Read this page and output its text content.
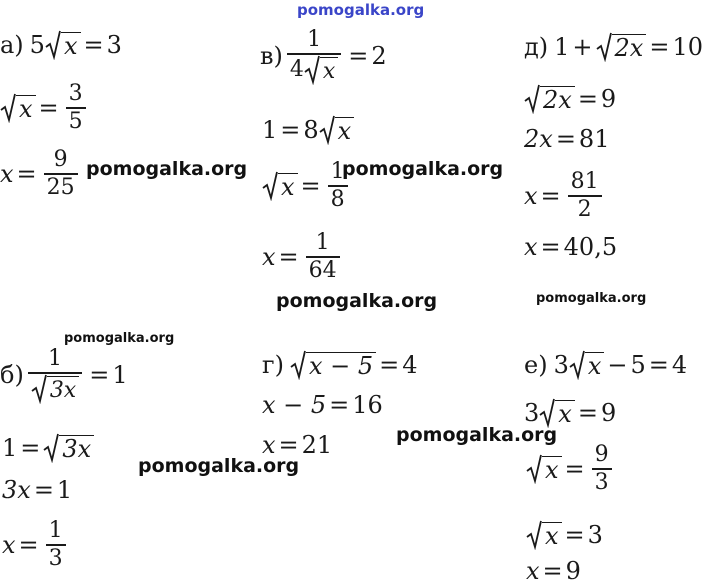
pomogalka.org
а) 5 x = 3
$x = \frac{3}{5}$
$x = \frac{9}{25}$ pomogalka.org
$в) \frac{1}{4 x} = 2$
1 = 8 x
$x = \frac{1}{8}$
pomogalka.org
$x = \frac{1}{64}$
pomogalka.org
д) 1 + 2x = 10
2x = 9
2x = 81
$x = \frac{81}{2}$
x = 40,5
pomogalka.org
pomogalka.org
$б) \frac{1}{3x} = 1$
1 = 3x
pomogalka.org
3x = 1
$x = \frac{1}{3}$
г) x − 5 = 4
x − 5 = 16
x = 21	pomogalka.org
е) 3 x − 5 = 4
3 x = 9
$x = \frac{9}{3}$
x = 3
x = 9
